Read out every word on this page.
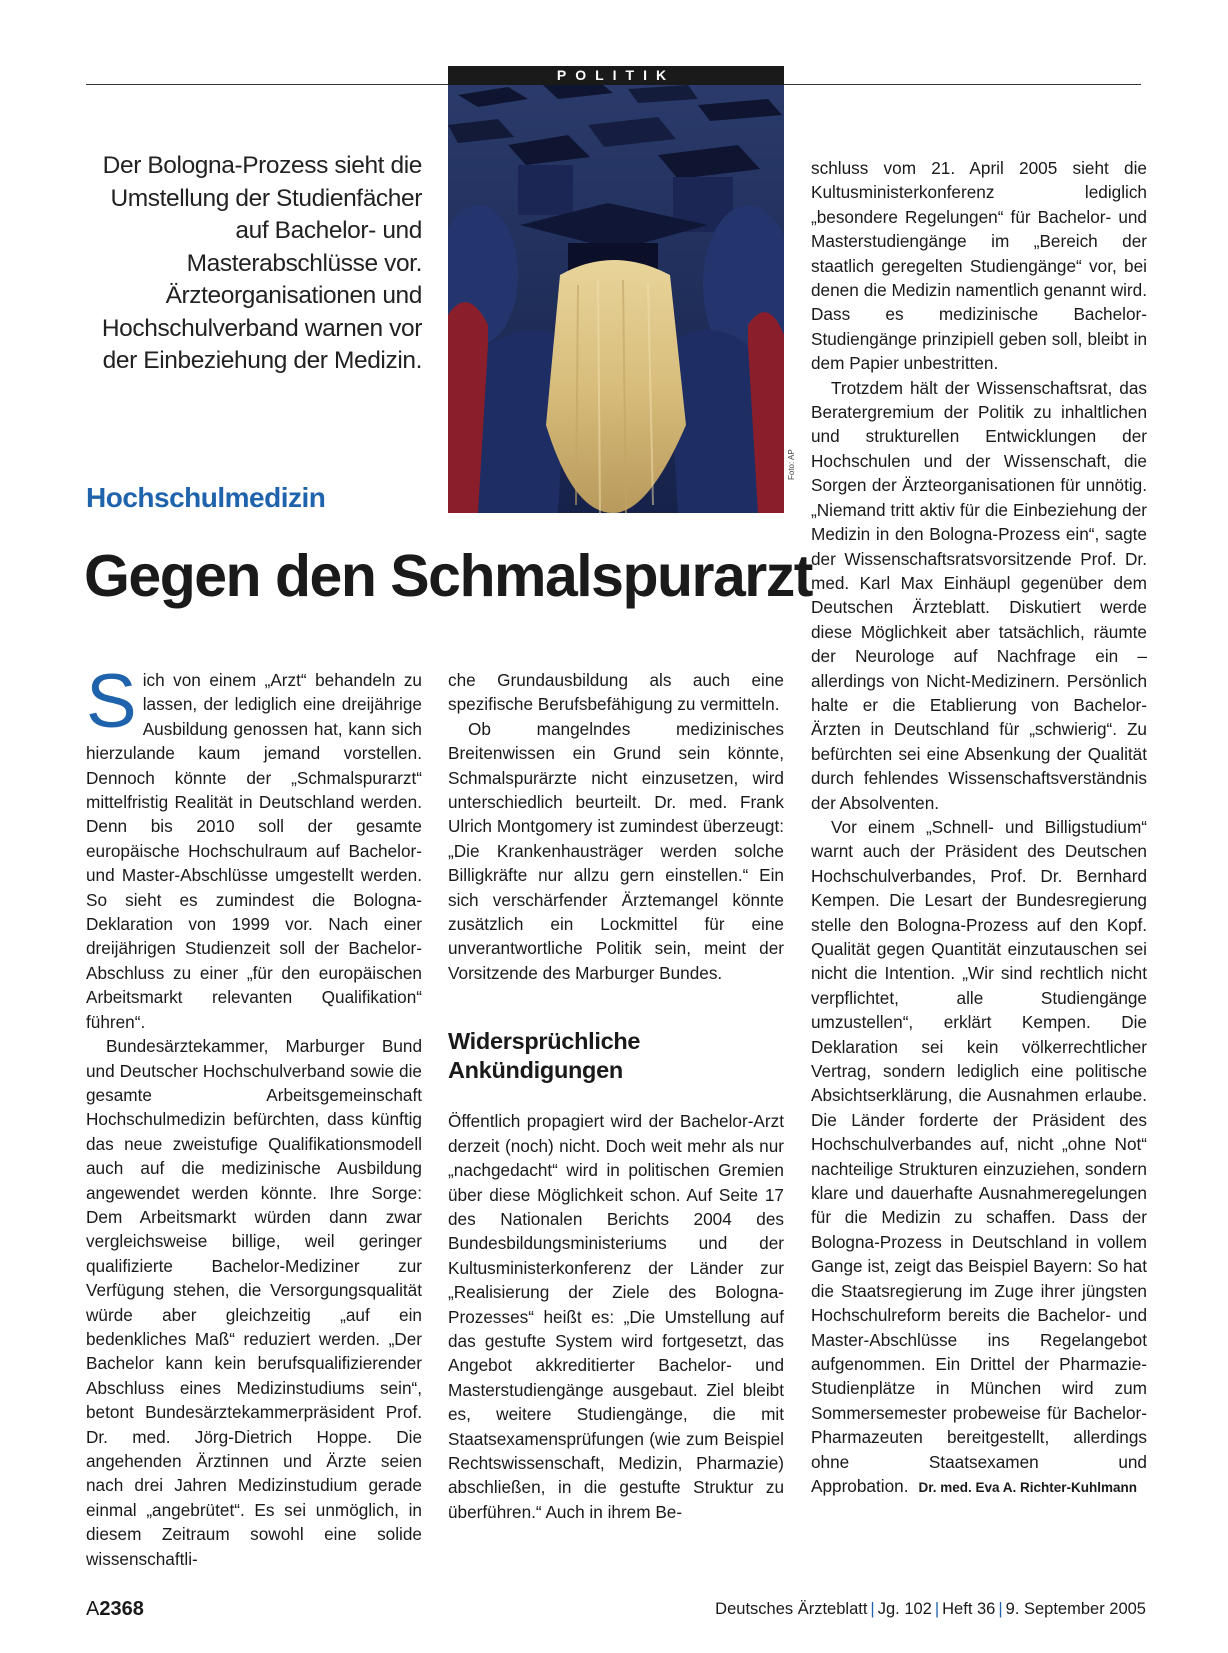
POLITIK
Foto: AP
Der Bologna-Prozess sieht die Umstellung der Studienfächer auf Bachelor- und Masterabschlüsse vor. Ärzteorganisationen und Hochschulverband warnen vor der Einbeziehung der Medizin.
Hochschulmedizin
Gegen den Schmalspurarzt

Sich von einem „Arzt“ behandeln zu lassen, der lediglich eine dreijährige Ausbildung genossen hat, kann sich hierzulande kaum jemand vorstellen. Dennoch könnte der „Schmalspurarzt“ mittelfristig Realität in Deutschland werden. Denn bis 2010 soll der gesamte europäische Hochschulraum auf Bachelor- und Master-Abschlüsse umgestellt werden. So sieht es zumindest die Bologna-Deklaration von 1999 vor. Nach einer dreijährigen Studienzeit soll der Bachelor-Abschluss zu einer „für den europäischen Arbeitsmarkt relevanten Qualifikation“ führen“.

Bundesärztekammer, Marburger Bund und Deutscher Hochschulverband sowie die gesamte Arbeitsgemeinschaft Hochschulmedizin befürchten, dass künftig das neue zweistufige Qualifikationsmodell auch auf die medizinische Ausbildung angewendet werden könnte. Ihre Sorge: Dem Arbeitsmarkt würden dann zwar vergleichsweise billige, weil geringer qualifizierte Bachelor-Mediziner zur Verfügung stehen, die Versorgungsqualität würde aber gleichzeitig „auf ein bedenkliches Maß“ reduziert werden. „Der Bachelor kann kein berufsqualifizierender Abschluss eines Medizinstudiums sein“, betont Bundesärztekammerpräsident Prof. Dr. med. Jörg-Dietrich Hoppe. Die angehenden Ärztinnen und Ärzte seien nach drei Jahren Medizinstudium gerade einmal „angebrütet“. Es sei unmöglich, in diesem Zeitraum sowohl eine solide wissenschaftli-

che Grundausbildung als auch eine spezifische Berufsbefähigung zu vermitteln.

Ob mangelndes medizinisches Breitenwissen ein Grund sein könnte, Schmalspurärzte nicht einzusetzen, wird unterschiedlich beurteilt. Dr. med. Frank Ulrich Montgomery ist zumindest überzeugt: „Die Krankenhausträger werden solche Billigkräfte nur allzu gern einstellen.“ Ein sich verschärfender Ärztemangel könnte zusätzlich ein Lockmittel für eine unverantwortliche Politik sein, meint der Vorsitzende des Marburger Bundes.

Widersprüchliche Ankündigungen

Öffentlich propagiert wird der Bachelor-Arzt derzeit (noch) nicht. Doch weit mehr als nur „nachgedacht“ wird in politischen Gremien über diese Möglichkeit schon. Auf Seite 17 des Nationalen Berichts 2004 des Bundesbildungsministeriums und der Kultusministerkonferenz der Länder zur „Realisierung der Ziele des Bologna-Prozesses“ heißt es: „Die Umstellung auf das gestufte System wird fortgesetzt, das Angebot akkreditierter Bachelor- und Masterstudiengänge ausgebaut. Ziel bleibt es, weitere Studiengänge, die mit Staatsexamensprüfungen (wie zum Beispiel Rechtswissenschaft, Medizin, Pharmazie) abschließen, in die gestufte Struktur zu überführen.“ Auch in ihrem Be-

schluss vom 21. April 2005 sieht die Kultusministerkonferenz lediglich „besondere Regelungen“ für Bachelor- und Masterstudiengänge im „Bereich der staatlich geregelten Studiengänge“ vor, bei denen die Medizin namentlich genannt wird. Dass es medizinische Bachelor-Studiengänge prinzipiell geben soll, bleibt in dem Papier unbestritten.

Trotzdem hält der Wissenschaftsrat, das Beratergremium der Politik zu inhaltlichen und strukturellen Entwicklungen der Hochschulen und der Wissenschaft, die Sorgen der Ärzteorganisationen für unnötig. „Niemand tritt aktiv für die Einbeziehung der Medizin in den Bologna-Prozess ein“, sagte der Wissenschaftsratsvorsitzende Prof. Dr. med. Karl Max Einhäupl gegenüber dem Deutschen Ärzteblatt. Diskutiert werde diese Möglichkeit aber tatsächlich, räumte der Neurologe auf Nachfrage ein – allerdings von Nicht-Medizinern. Persönlich halte er die Etablierung von Bachelor-Ärzten in Deutschland für „schwierig“. Zu befürchten sei eine Absenkung der Qualität durch fehlendes Wissenschaftsverständnis der Absolventen.

Vor einem „Schnell- und Billigstudium“ warnt auch der Präsident des Deutschen Hochschulverbandes, Prof. Dr. Bernhard Kempen. Die Lesart der Bundesregierung stelle den Bologna-Prozess auf den Kopf. Qualität gegen Quantität einzutauschen sei nicht die Intention. „Wir sind rechtlich nicht verpflichtet, alle Studiengänge umzustellen“, erklärt Kempen. Die Deklaration sei kein völkerrechtlicher Vertrag, sondern lediglich eine politische Absichtserklärung, die Ausnahmen erlaube. Die Länder forderte der Präsident des Hochschulverbandes auf, nicht „ohne Not“ nachteilige Strukturen einzuziehen, sondern klare und dauerhafte Ausnahmeregelungen für die Medizin zu schaffen. Dass der Bologna-Prozess in Deutschland in vollem Gange ist, zeigt das Beispiel Bayern: So hat die Staatsregierung im Zuge ihrer jüngsten Hochschulreform bereits die Bachelor- und Master-Abschlüsse ins Regelangebot aufgenommen. Ein Drittel der Pharmazie-Studienplätze in München wird zum Sommersemester probeweise für Bachelor-Pharmazeuten bereitgestellt, allerdings ohne Staatsexamen und Approbation. Dr. med. Eva A. Richter-Kuhlmann

A2368	Deutsches Ärzteblatt | Jg. 102 | Heft 36 | 9. September 2005
